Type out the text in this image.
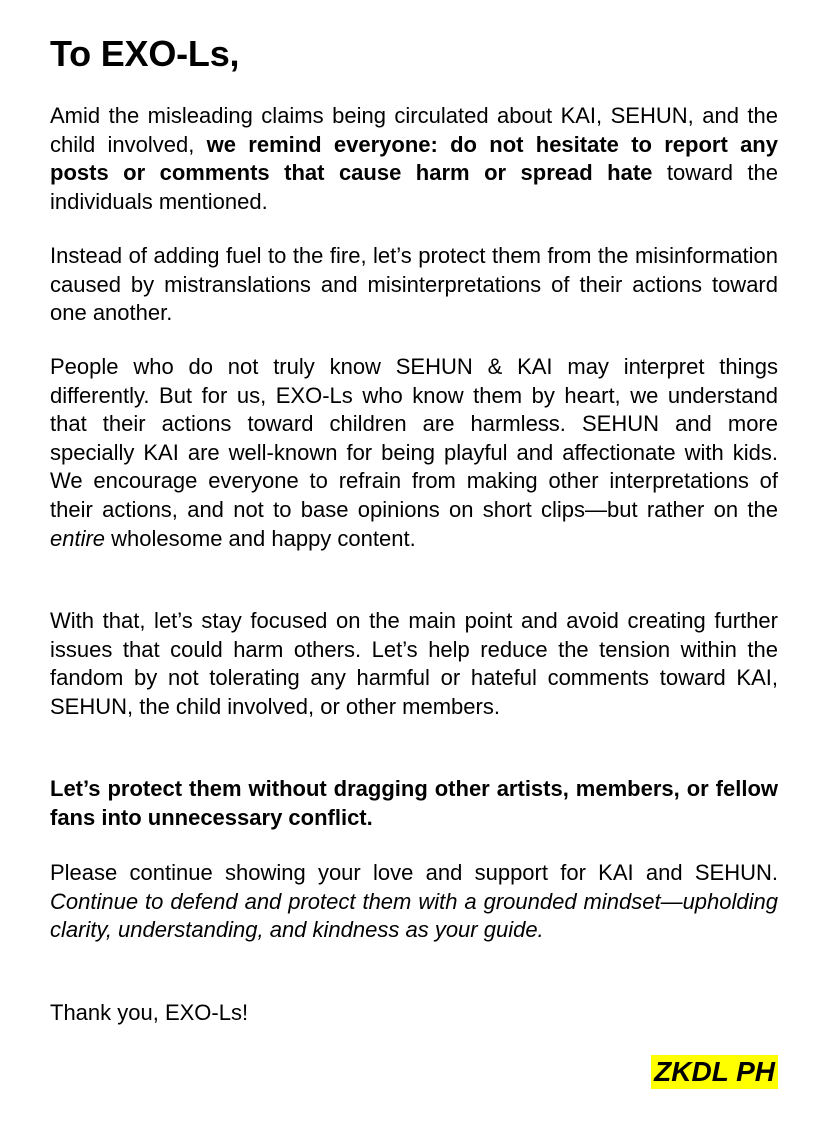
To EXO-Ls,

Amid the misleading claims being circulated about KAI, SEHUN, and the child involved, we remind everyone: do not hesitate to report any posts or comments that cause harm or spread hate toward the individuals mentioned.

Instead of adding fuel to the fire, let’s protect them from the misinformation caused by mistranslations and misinterpretations of their actions toward one another.

People who do not truly know SEHUN & KAI may interpret things differently. But for us, EXO-Ls who know them by heart, we understand that their actions toward children are harmless. SEHUN and more specially KAI are well-known for being playful and affectionate with kids. We encourage everyone to refrain from making other interpretations of their actions, and not to base opinions on short clips—but rather on the entire wholesome and happy content.

With that, let’s stay focused on the main point and avoid creating further issues that could harm others. Let’s help reduce the tension within the fandom by not tolerating any harmful or hateful comments toward KAI, SEHUN, the child involved, or other members.

Let’s protect them without dragging other artists, members, or fellow fans into unnecessary conflict.

Please continue showing your love and support for KAI and SEHUN. Continue to defend and protect them with a grounded mindset—upholding clarity, understanding, and kindness as your guide.

Thank you, EXO-Ls!

ZKDL PH
